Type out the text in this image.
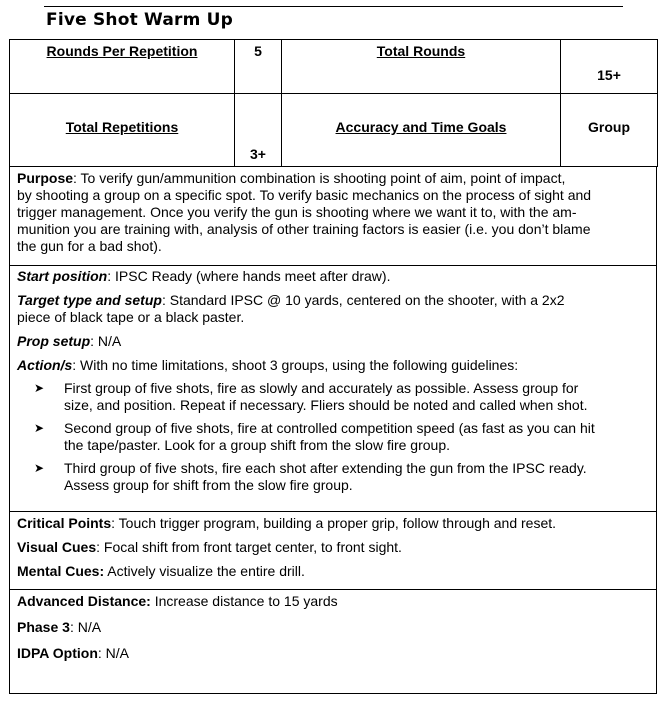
Five Shot Warm Up
Rounds Per Repetition	5	Total Rounds	15+

Total Repetitions	3+	Accuracy and Time Goals	Group

Purpose: To verify gun/ammunition combination is shooting point of aim, point of impact,

by shooting a group on a specific spot. To verify basic mechanics on the process of sight and

trigger management. Once you verify the gun is shooting where we want it to, with the am-

munition you are training with, analysis of other training factors is easier (i.e. you don’t blame

the gun for a bad shot).

Start position: IPSC Ready (where hands meet after draw).

Target type and setup: Standard IPSC @ 10 yards, centered on the shooter, with a 2x2

piece of black tape or a black paster.

Prop setup: N/A

Action/s: With no time limitations, shoot 3 groups, using the following guidelines:

➤ First group of five shots, fire as slowly and accurately as possible. Assess group for

size, and position. Repeat if necessary. Fliers should be noted and called when shot.

➤ Second group of five shots, fire at controlled competition speed (as fast as you can hit

the tape/paster. Look for a group shift from the slow fire group.

➤ Third group of five shots, fire each shot after extending the gun from the IPSC ready.

Assess group for shift from the slow fire group.

Critical Points: Touch trigger program, building a proper grip, follow through and reset.

Visual Cues: Focal shift from front target center, to front sight.

Mental Cues: Actively visualize the entire drill.

Advanced Distance: Increase distance to 15 yards

Phase 3: N/A

IDPA Option: N/A
